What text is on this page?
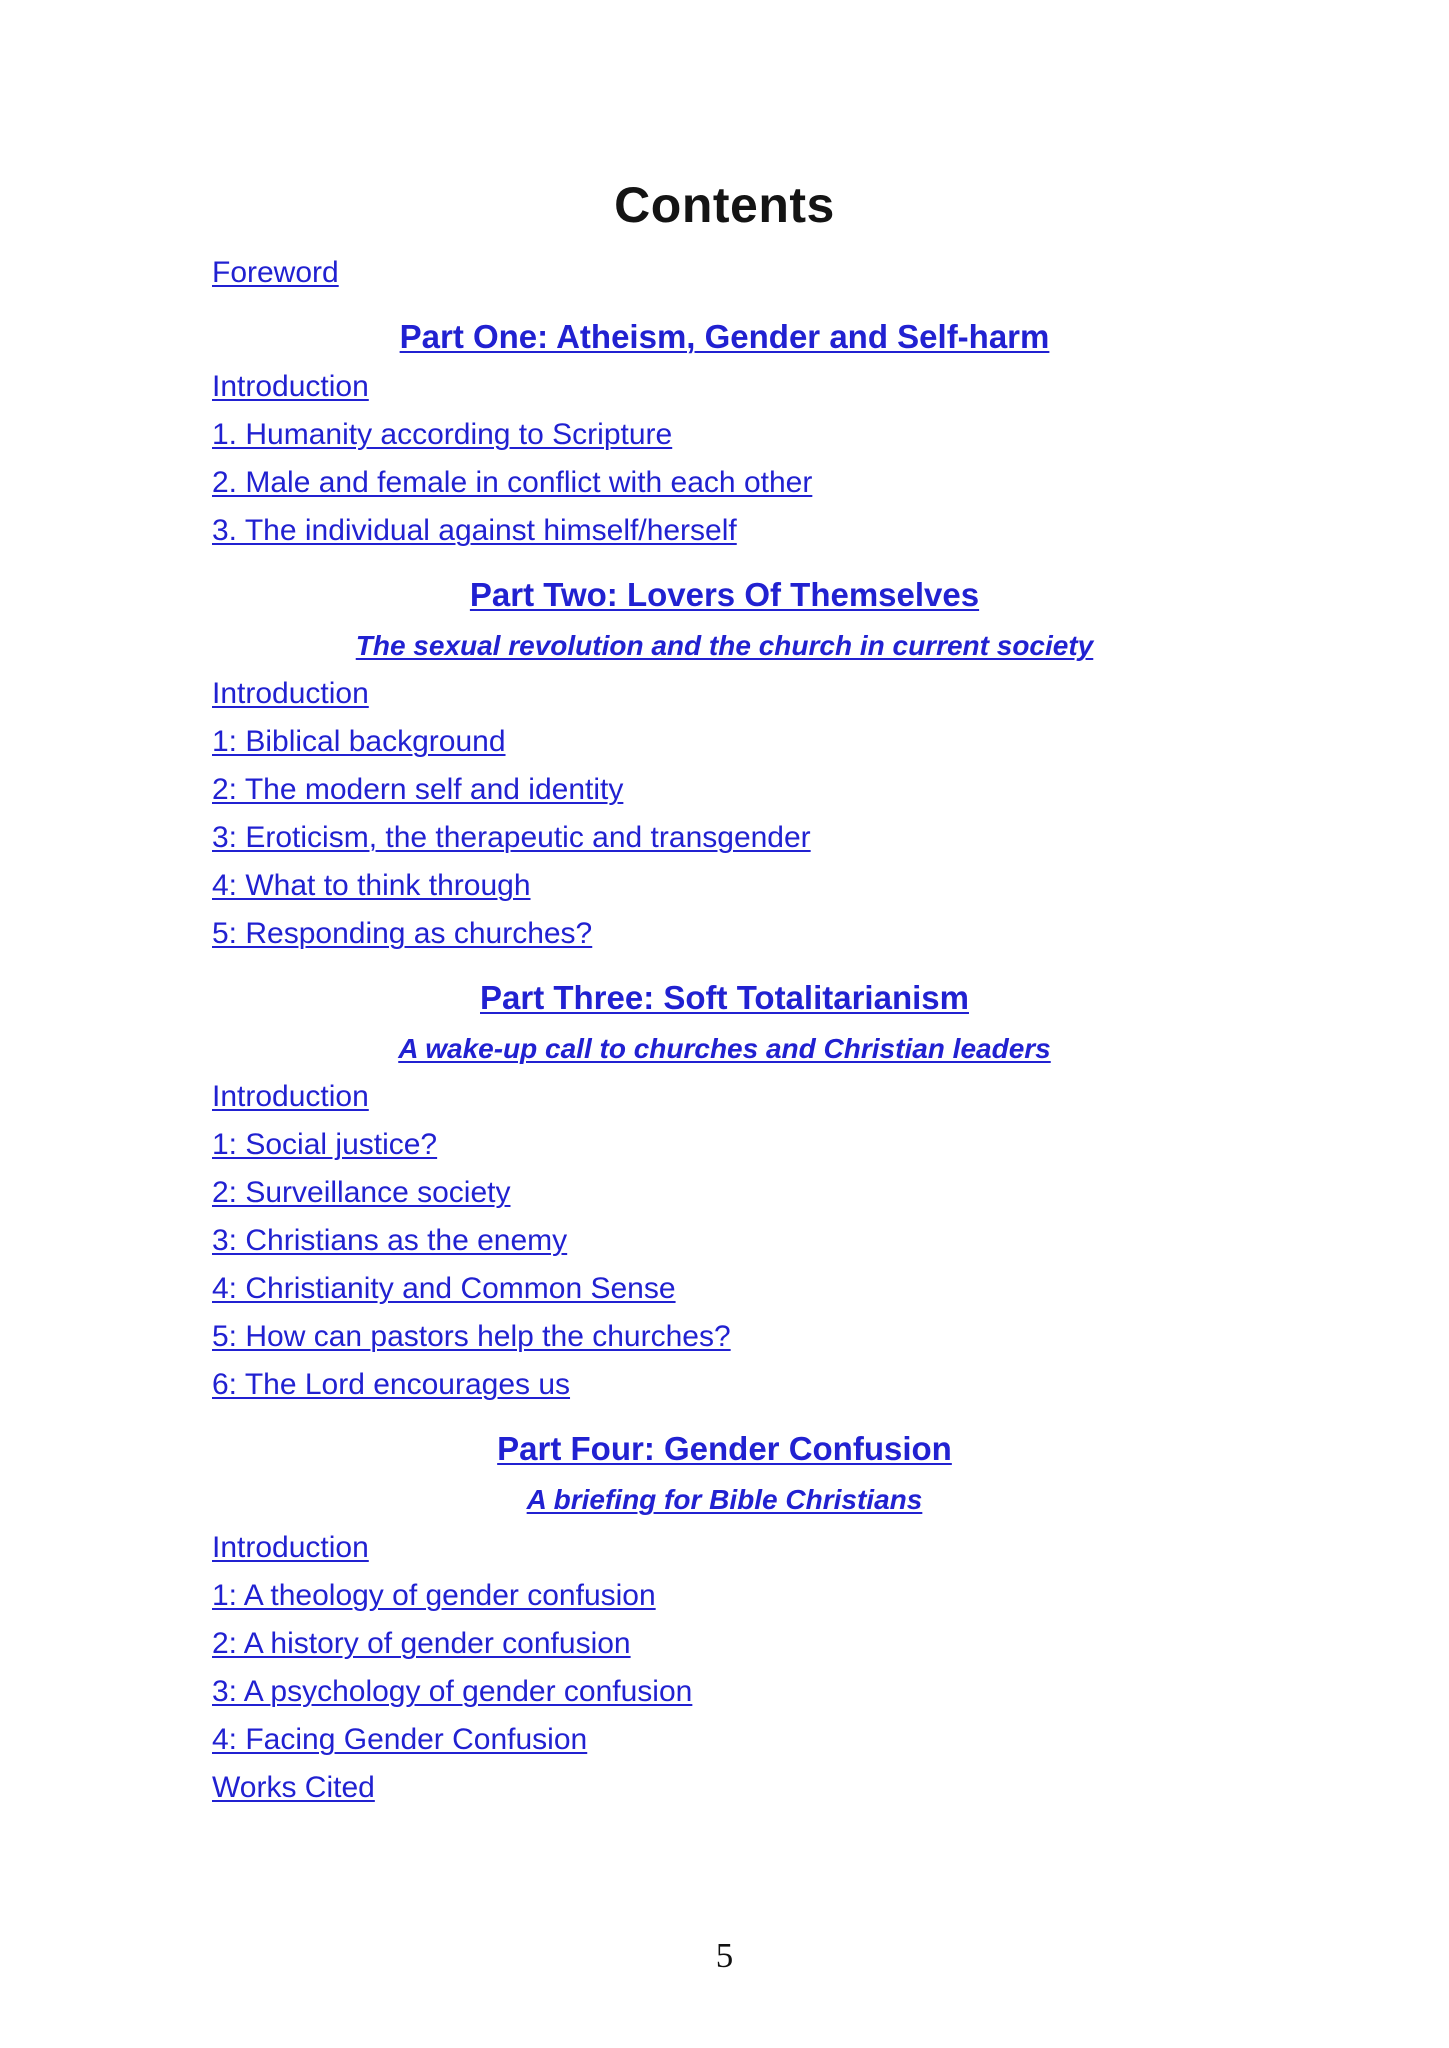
Contents
Foreword
Part One: Atheism, Gender and Self-harm
Introduction
1. Humanity according to Scripture
2. Male and female in conflict with each other
3. The individual against himself/herself
Part Two: Lovers Of Themselves
The sexual revolution and the church in current society
Introduction
1: Biblical background
2: The modern self and identity
3: Eroticism, the therapeutic and transgender
4: What to think through
5: Responding as churches?
Part Three: Soft Totalitarianism
A wake-up call to churches and Christian leaders
Introduction
1: Social justice?
2: Surveillance society
3: Christians as the enemy
4: Christianity and Common Sense
5: How can pastors help the churches?
6: The Lord encourages us
Part Four: Gender Confusion
A briefing for Bible Christians
Introduction
1: A theology of gender confusion
2: A history of gender confusion
3: A psychology of gender confusion
4: Facing Gender Confusion
Works Cited
5
